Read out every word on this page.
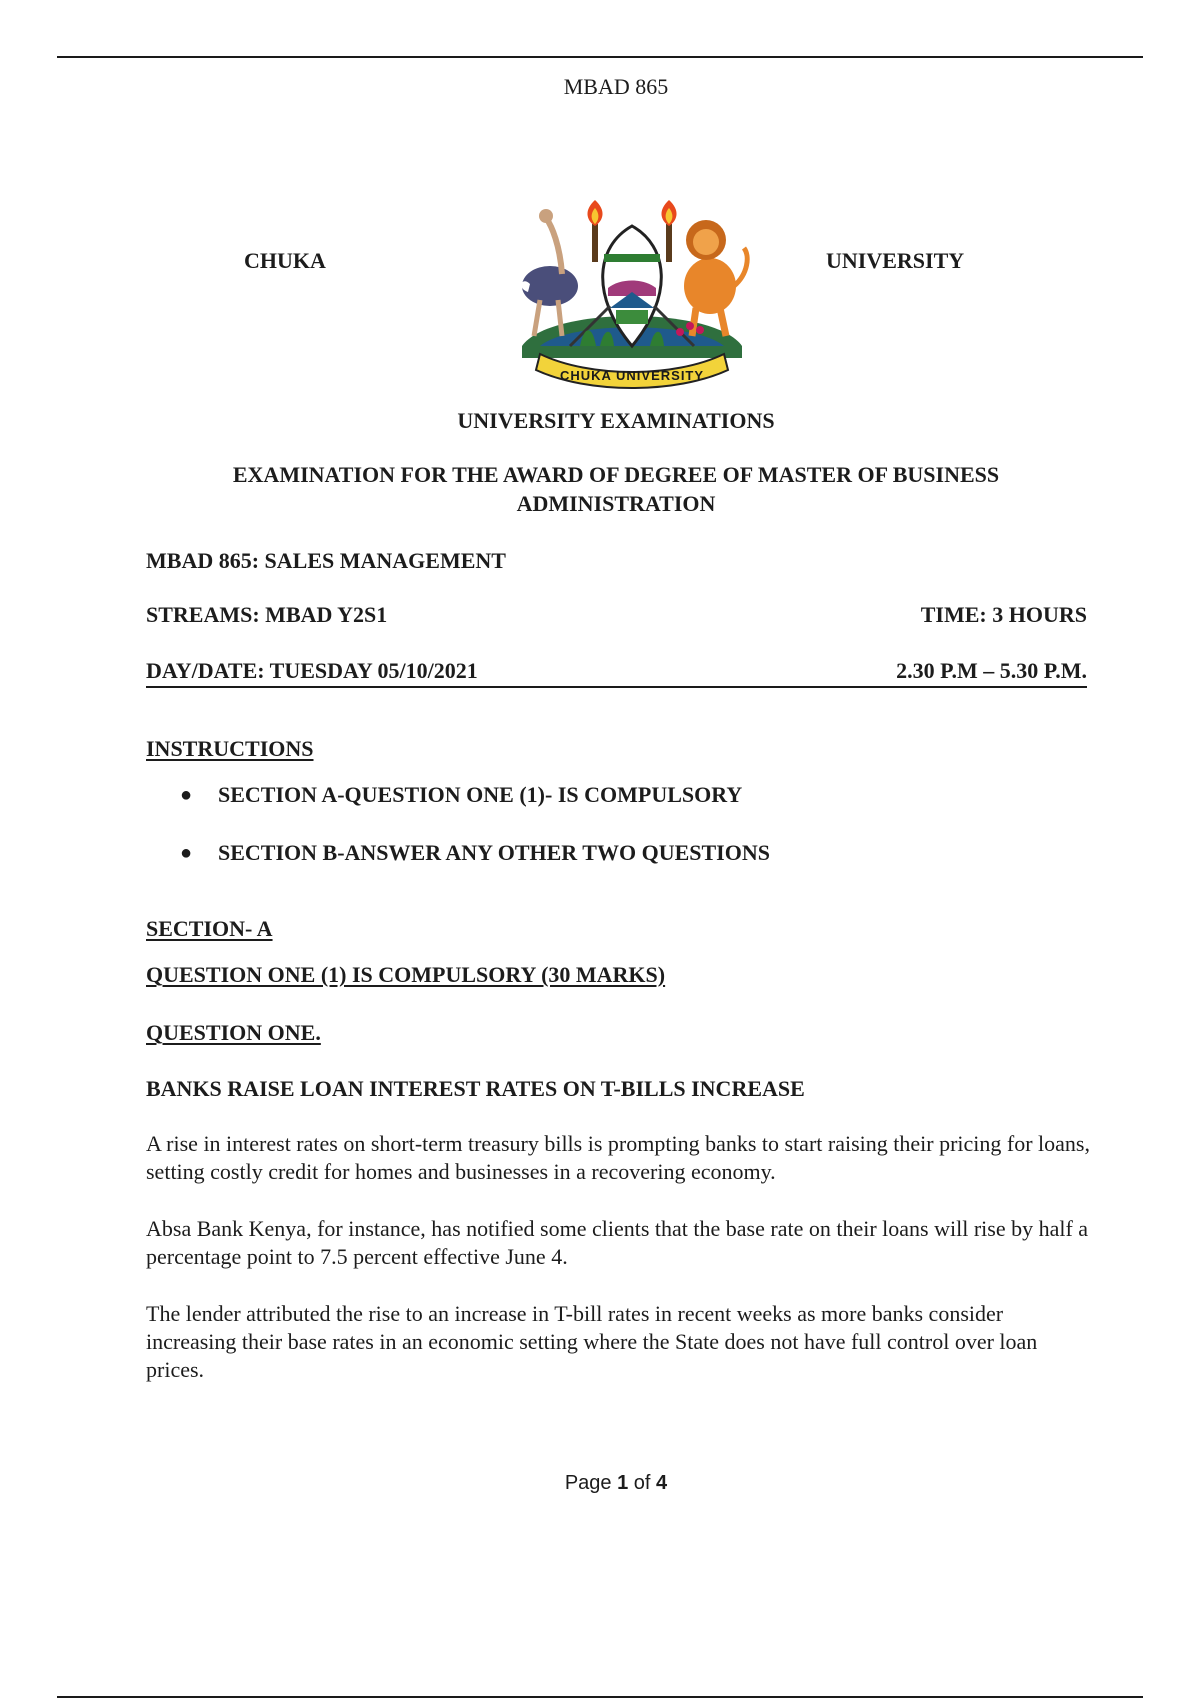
MBAD 865
CHUKA
CHUKA UNIVERSITY
UNIVERSITY
UNIVERSITY EXAMINATIONS
EXAMINATION FOR THE AWARD OF DEGREE OF MASTER OF BUSINESS
ADMINISTRATION
MBAD 865: SALES MANAGEMENT
STREAMS: MBAD Y2S1	TIME: 3 HOURS
DAY/DATE: TUESDAY 05/10/2021	2.30 P.M – 5.30 P.M.
INSTRUCTIONS
●	SECTION A-QUESTION ONE (1)- IS COMPULSORY
●	SECTION B-ANSWER ANY OTHER TWO QUESTIONS
SECTION- A
QUESTION ONE (1) IS COMPULSORY (30 MARKS)
QUESTION ONE.
BANKS RAISE LOAN INTEREST RATES ON T-BILLS INCREASE
A rise in interest rates on short-term treasury bills is prompting banks to start raising their pricing for loans, setting costly credit for homes and businesses in a recovering economy.
Absa Bank Kenya, for instance, has notified some clients that the base rate on their loans will rise by half a percentage point to 7.5 percent effective June 4.
The lender attributed the rise to an increase in T-bill rates in recent weeks as more banks consider increasing their base rates in an economic setting where the State does not have full control over loan prices.
Page 1 of 4
